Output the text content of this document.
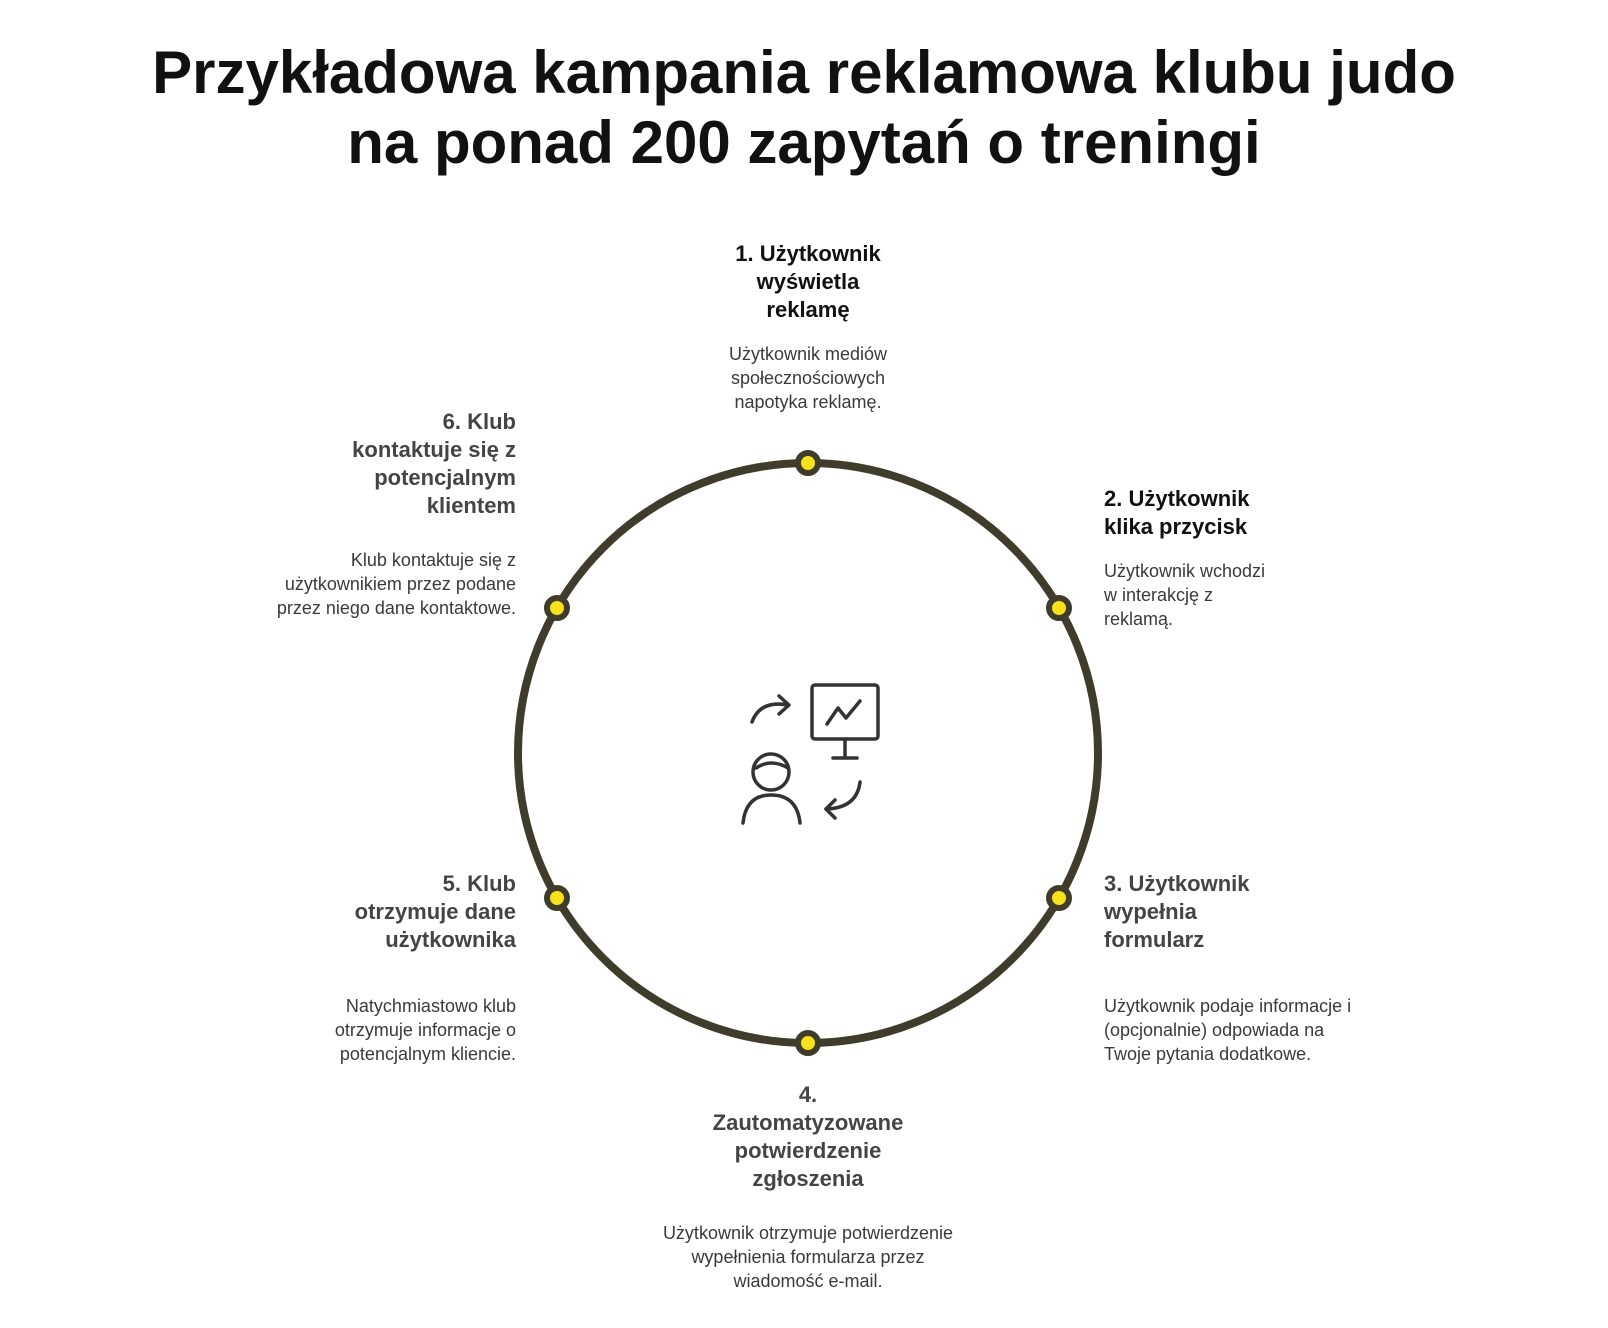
Przykładowa kampania reklamowa klubu judo
na ponad 200 zapytań o treningi
1. Użytkownik
wyświetla
reklamę

Użytkownik mediów
społecznościowych
napotyka reklamę.

2. Użytkownik
klika przycisk

Użytkownik wchodzi
w interakcję z
reklamą.

3. Użytkownik
wypełnia
formularz

Użytkownik podaje informacje i
(opcjonalnie) odpowiada na
Twoje pytania dodatkowe.

4.
Zautomatyzowane
potwierdzenie
zgłoszenia

Użytkownik otrzymuje potwierdzenie
wypełnienia formularza przez
wiadomość e-mail.

5. Klub
otrzymuje dane
użytkownika

Natychmiastowo klub
otrzymuje informacje o
potencjalnym kliencie.

6. Klub
kontaktuje się z
potencjalnym
klientem

Klub kontaktuje się z
użytkownikiem przez podane
przez niego dane kontaktowe.
